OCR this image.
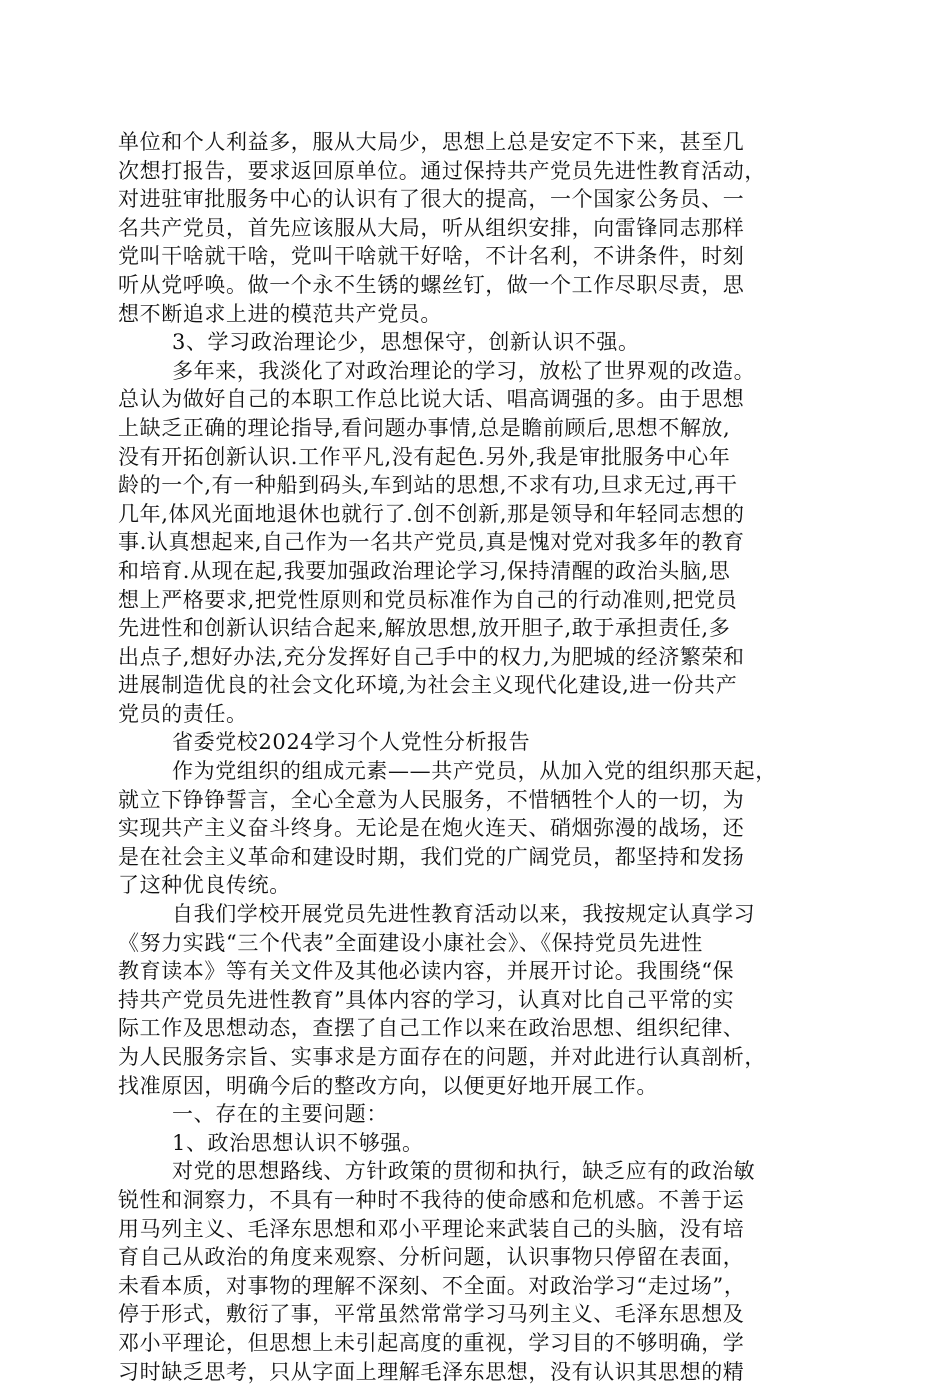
单位和个人利益多，服从大局少，思想上总是安定不下来，甚至几
次想打报告，要求返回原单位。通过保持共产党员先进性教育活动，
对进驻审批服务中心的认识有了很大的提高，一个国家公务员、一
名共产党员，首先应该服从大局，听从组织安排，向雷锋同志那样
党叫干啥就干啥，党叫干啥就干好啥，不计名利，不讲条件，时刻
听从党呼唤。做一个永不生锈的螺丝钉，做一个工作尽职尽责，思
想不断追求上进的模范共产党员。
3、学习政治理论少，思想保守，创新认识不强。
多年来，我淡化了对政治理论的学习，放松了世界观的改造。
总认为做好自己的本职工作总比说大话、唱高调强的多。由于思想
上缺乏正确的理论指导,看问题办事情,总是瞻前顾后,思想不解放,
没有开拓创新认识.工作平凡,没有起色.另外,我是审批服务中心年
龄的一个,有一种船到码头,车到站的思想,不求有功,旦求无过,再干
几年,体风光面地退休也就行了.创不创新,那是领导和年轻同志想的
事.认真想起来,自己作为一名共产党员,真是愧对党对我多年的教育
和培育.从现在起,我要加强政治理论学习,保持清醒的政治头脑,思
想上严格要求,把党性原则和党员标准作为自己的行动准则,把党员
先进性和创新认识结合起来,解放思想,放开胆子,敢于承担责任,多
出点子,想好办法,充分发挥好自己手中的权力,为肥城的经济繁荣和
进展制造优良的社会文化环境,为社会主义现代化建设,进一份共产
党员的责任。
省委党校2024学习个人党性分析报告
作为党组织的组成元素——共产党员，从加入党的组织那天起，
就立下铮铮誓言，全心全意为人民服务，不惜牺牲个人的一切，为
实现共产主义奋斗终身。无论是在炮火连天、硝烟弥漫的战场，还
是在社会主义革命和建设时期，我们党的广阔党员，都坚持和发扬
了这种优良传统。
自我们学校开展党员先进性教育活动以来，我按规定认真学习
《努力实践“三个代表”全面建设小康社会》、《保持党员先进性
教育读本》等有关文件及其他必读内容，并展开讨论。我围绕“保
持共产党员先进性教育”具体内容的学习，认真对比自己平常的实
际工作及思想动态，查摆了自己工作以来在政治思想、组织纪律、
为人民服务宗旨、实事求是方面存在的问题，并对此进行认真剖析，
找准原因，明确今后的整改方向，以便更好地开展工作。
一、存在的主要问题：
1、政治思想认识不够强。
对党的思想路线、方针政策的贯彻和执行，缺乏应有的政治敏
锐性和洞察力，不具有一种时不我待的使命感和危机感。不善于运
用马列主义、毛泽东思想和邓小平理论来武装自己的头脑，没有培
育自己从政治的角度来观察、分析问题，认识事物只停留在表面，
未看本质，对事物的理解不深刻、不全面。对政治学习“走过场”，
停于形式，敷衍了事，平常虽然常常学习马列主义、毛泽东思想及
邓小平理论，但思想上未引起高度的重视，学习目的不够明确，学
习时缺乏思考，只从字面上理解毛泽东思想，没有认识其思想的精
